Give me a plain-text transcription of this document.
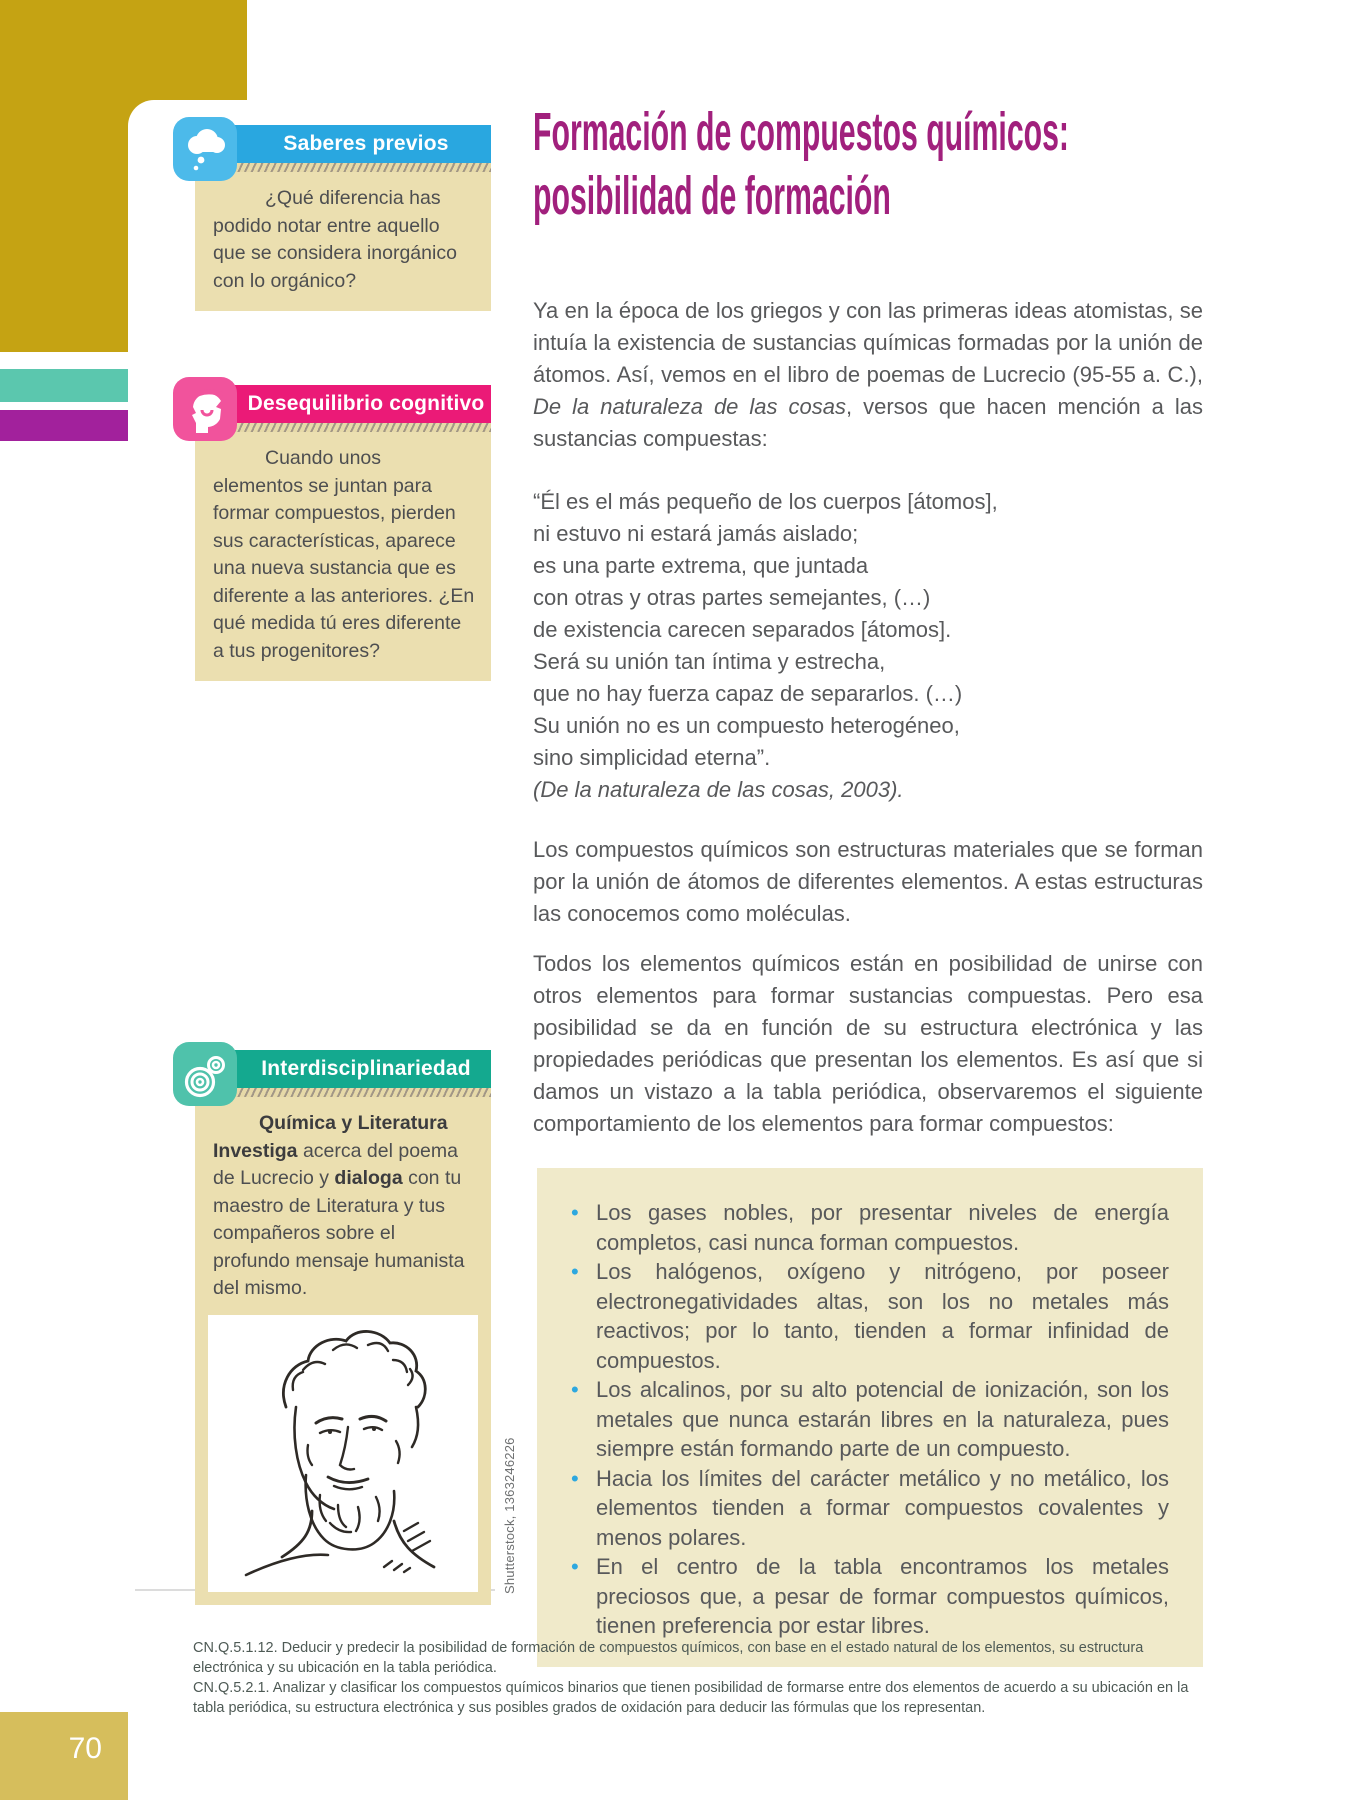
70
Saberes previos
¿Qué diferencia has podido notar entre aquello que se considera inorgánico con lo orgánico?
Desequilibrio cognitivo
Cuando unos elementos se juntan para formar compuestos, pierden sus características, aparece una nueva sustancia que es diferente a las anteriores. ¿En qué medida tú eres diferente a tus progenitores?
Interdisciplinariedad
Química y Literatura
Investiga acerca del poema de Lucrecio y dialoga con tu maestro de Literatura y tus compañeros sobre el profundo mensaje humanista del mismo.
Shutterstock, 1363246226
Formación de compuestos químicos:
posibilidad de formación

Ya en la época de los griegos y con las primeras ideas atomistas, se intuía la existencia de sustancias químicas formadas por la unión de átomos. Así, vemos en el libro de poemas de Lucrecio (95-55 a. C.), De la naturaleza de las cosas, versos que hacen mención a las sustancias compuestas:

“Él es el más pequeño de los cuerpos [átomos],
ni estuvo ni estará jamás aislado;
es una parte extrema, que juntada
con otras y otras partes semejantes, (…)
de existencia carecen separados [átomos].
Será su unión tan íntima y estrecha,
que no hay fuerza capaz de separarlos. (…)
Su unión no es un compuesto heterogéneo,
sino simplicidad eterna”.
(De la naturaleza de las cosas, 2003).

Los compuestos químicos son estructuras materiales que se forman por la unión de átomos de diferentes elementos. A estas estructuras las conocemos como moléculas.

Todos los elementos químicos están en posibilidad de unirse con otros elementos para formar sustancias compuestas. Pero esa posibilidad se da en función de su estructura electrónica y las propiedades periódicas que presentan los elementos. Es así que si damos un vistazo a la tabla periódica, observaremos el siguiente comportamiento de los elementos para formar compuestos:

• Los gases nobles, por presentar niveles de energía completos, casi nunca forman compuestos.
• Los halógenos, oxígeno y nitrógeno, por poseer electronegatividades altas, son los no metales más reactivos; por lo tanto, tienden a formar infinidad de compuestos.
• Los alcalinos, por su alto potencial de ionización, son los metales que nunca estarán libres en la naturaleza, pues siempre están formando parte de un compuesto.
• Hacia los límites del carácter metálico y no metálico, los elementos tienden a formar compuestos covalentes y menos polares.
• En el centro de la tabla encontramos los metales preciosos que, a pesar de formar compuestos químicos, tienen preferencia por estar libres.

CN.Q.5.1.12. Deducir y predecir la posibilidad de formación de compuestos químicos, con base en el estado natural de los elementos, su estructura electrónica y su ubicación en la tabla periódica.

CN.Q.5.2.1. Analizar y clasificar los compuestos químicos binarios que tienen posibilidad de formarse entre dos elementos de acuerdo a su ubicación en la tabla periódica, su estructura electrónica y sus posibles grados de oxidación para deducir las fórmulas que los representan.
